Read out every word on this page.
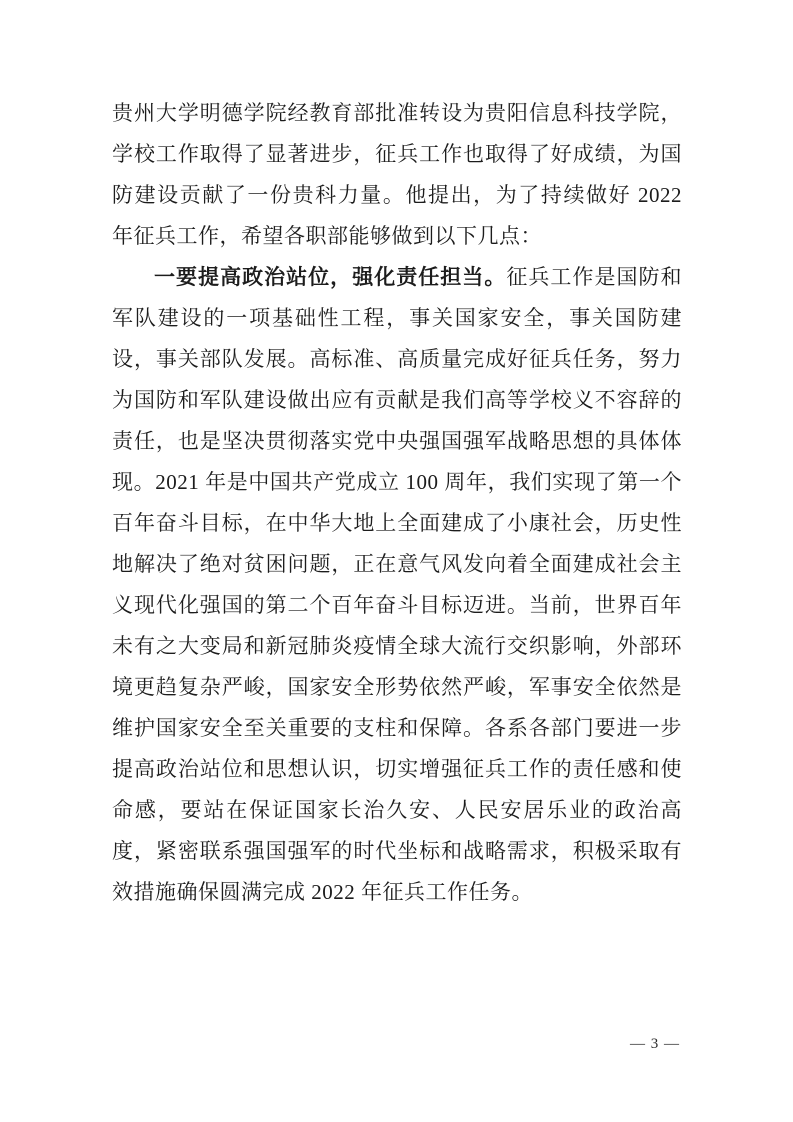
贵州大学明德学院经教育部批准转设为贵阳信息科技学院，学校工作取得了显著进步，征兵工作也取得了好成绩，为国防建设贡献了一份贵科力量。他提出，为了持续做好 2022 年征兵工作，希望各职部能够做到以下几点：

一要提高政治站位，强化责任担当。征兵工作是国防和军队建设的一项基础性工程，事关国家安全，事关国防建设，事关部队发展。高标准、高质量完成好征兵任务，努力为国防和军队建设做出应有贡献是我们高等学校义不容辞的责任，也是坚决贯彻落实党中央强国强军战略思想的具体体现。2021 年是中国共产党成立 100 周年，我们实现了第一个百年奋斗目标，在中华大地上全面建成了小康社会，历史性地解决了绝对贫困问题，正在意气风发向着全面建成社会主义现代化强国的第二个百年奋斗目标迈进。当前，世界百年未有之大变局和新冠肺炎疫情全球大流行交织影响，外部环境更趋复杂严峻，国家安全形势依然严峻，军事安全依然是维护国家安全至关重要的支柱和保障。各系各部门要进一步提高政治站位和思想认识，切实增强征兵工作的责任感和使命感，要站在保证国家长治久安、人民安居乐业的政治高度，紧密联系强国强军的时代坐标和战略需求，积极采取有效措施确保圆满完成 2022 年征兵工作任务。

— 3 —
